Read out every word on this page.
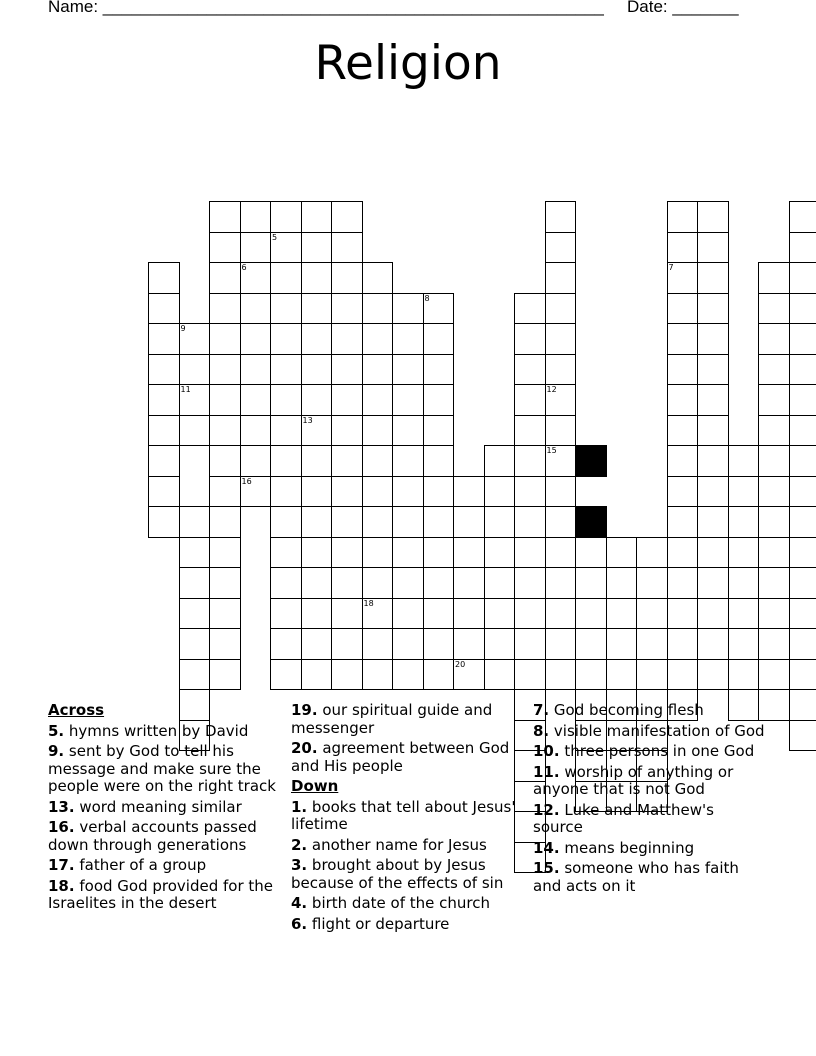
Name: _____________________________________________________ Date: _______
Religion
9
11
6
16
5
13
18
8
20
12
15
7
Across
5. hymns written by David
9. sent by God to tell his message and make sure the people were on the right track
13. word meaning similar
16. verbal accounts passed down through generations
17. father of a group
18. food God provided for the Israelites in the desert
19. our spiritual guide and messenger
20. agreement between God and His people
Down
1. books that tell about Jesus' lifetime
2. another name for Jesus
3. brought about by Jesus because of the effects of sin
4. birth date of the church
6. flight or departure
7. God becoming flesh
8. visible manifestation of God
10. three persons in one God
11. worship of anything or anyone that is not God
12. Luke and Matthew's source
14. means beginning
15. someone who has faith and acts on it
